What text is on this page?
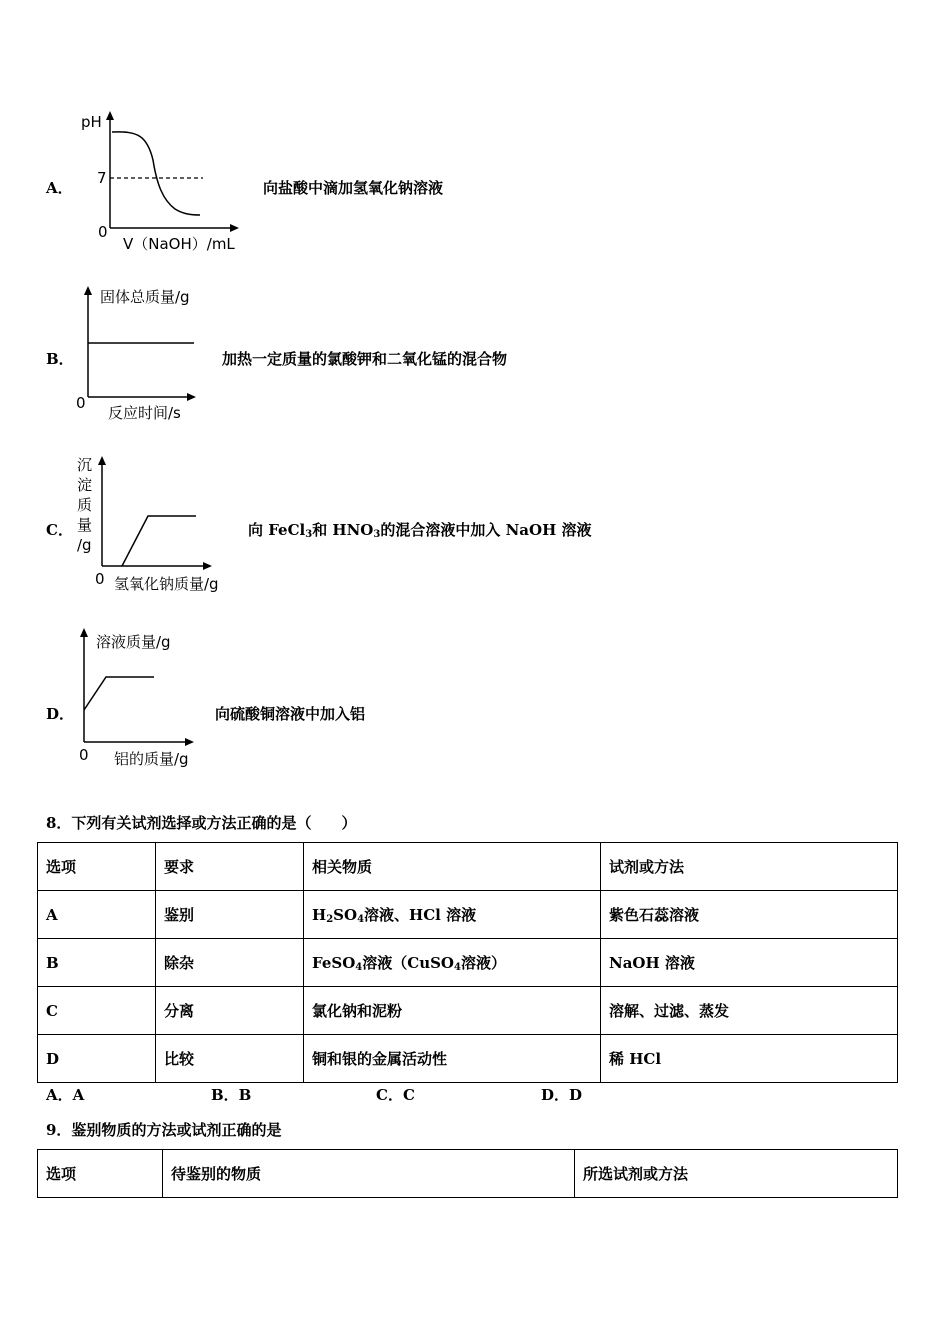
A．
pH
7
0
V（NaOH）/mL
向盐酸中滴加氢氧化钠溶液
B．
固体总质量/g
0
反应时间/s
加热一定质量的氯酸钾和二氧化锰的混合物
C．
沉
淀
质
量
/g
0 氢氧化钠质量/g
向 FeCl$_3$和 $HNO_3$的混合溶液中加入 NaOH 溶液
D．
溶液质量/g
0 铝的质量/g
向硫酸铜溶液中加入铝
8．下列有关试剂选择或方法正确的是（　　）
选项	要求	相关物质	试剂或方法
A	鉴别	$H_2SO_4$溶液、HCl 溶液	紫色石蕊溶液
B	除杂	FeSO$_4$溶液（CuSO$_4$溶液）	NaOH 溶液
C	分离	氯化钠和泥粉	溶解、过滤、蒸发
D	比较	铜和银的金属活动性	稀 HCl
A．A	B．B	C．C	D．D
9．鉴别物质的方法或试剂正确的是
选项	待鉴别的物质	所选试剂或方法
